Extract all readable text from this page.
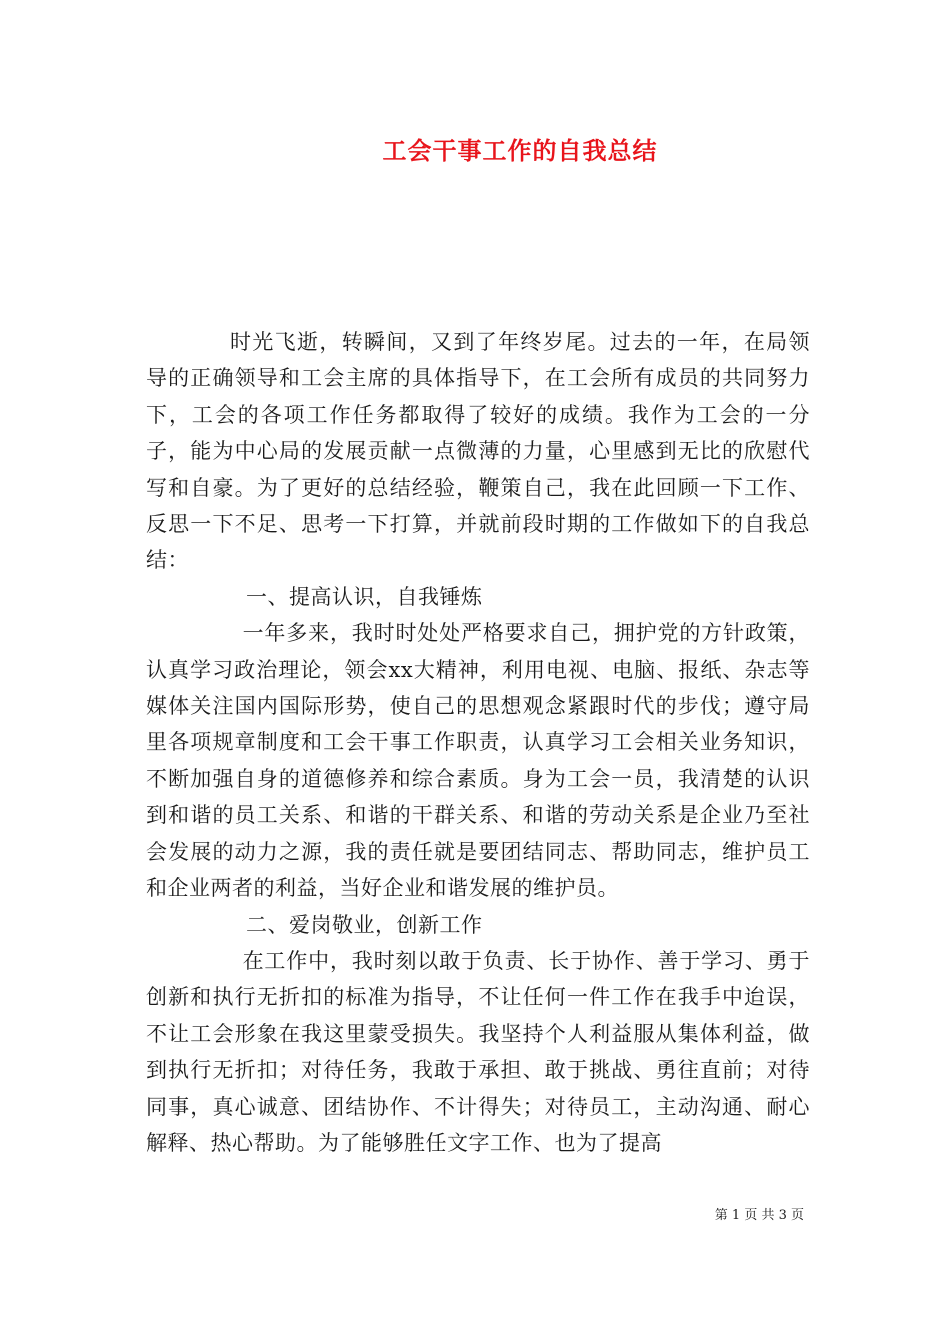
工会干事工作的自我总结

时光飞逝，转瞬间，又到了年终岁尾。过去的一年，在局领导的正确领导和工会主席的具体指导下，在工会所有成员的共同努力下，工会的各项工作任务都取得了较好的成绩。我作为工会的一分子，能为中心局的发展贡献一点微薄的力量，心里感到无比的欣慰代写和自豪。为了更好的总结经验，鞭策自己，我在此回顾一下工作、反思一下不足、思考一下打算，并就前段时期的工作做如下的自我总结：

一、提高认识，自我锤炼

一年多来，我时时处处严格要求自己，拥护党的方针政策，认真学习政治理论，领会xx大精神，利用电视、电脑、报纸、杂志等媒体关注国内国际形势，使自己的思想观念紧跟时代的步伐；遵守局里各项规章制度和工会干事工作职责，认真学习工会相关业务知识，不断加强自身的道德修养和综合素质。身为工会一员，我清楚的认识到和谐的员工关系、和谐的干群关系、和谐的劳动关系是企业乃至社会发展的动力之源，我的责任就是要团结同志、帮助同志，维护员工和企业两者的利益，当好企业和谐发展的维护员。

二、爱岗敬业，创新工作

在工作中，我时刻以敢于负责、长于协作、善于学习、勇于创新和执行无折扣的标准为指导，不让任何一件工作在我手中迨误，不让工会形象在我这里蒙受损失。我坚持个人利益服从集体利益，做到执行无折扣；对待任务，我敢于承担、敢于挑战、勇往直前；对待同事，真心诚意、团结协作、不计得失；对待员工，主动沟通、耐心解释、热心帮助。为了能够胜任文字工作、也为了提高

第 1 页 共 3 页
